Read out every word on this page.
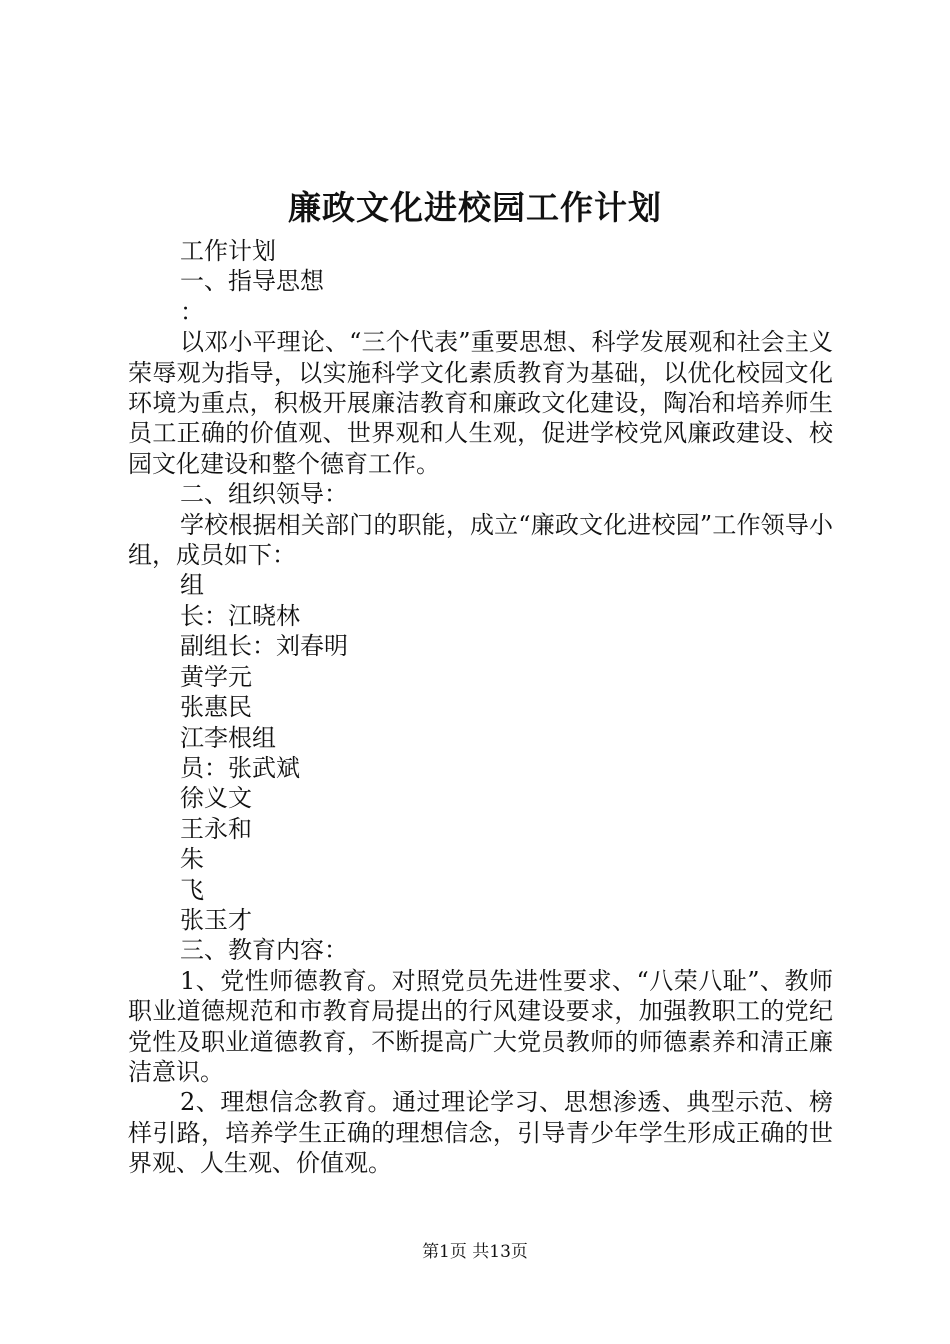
廉政文化进校园工作计划

工作计划

一、指导思想

：

以邓小平理论、“三个代表”重要思想、科学发展观和社会主义荣辱观为指导，以实施科学文化素质教育为基础，以优化校园文化环境为重点，积极开展廉洁教育和廉政文化建设，陶冶和培养师生员工正确的价值观、世界观和人生观，促进学校党风廉政建设、校园文化建设和整个德育工作。

二、组织领导：

学校根据相关部门的职能，成立“廉政文化进校园”工作领导小组，成员如下：

组

长：江晓林

副组长：刘春明

黄学元

张惠民

江李根组

员：张武斌

徐义文

王永和

朱

飞

张玉才

三、教育内容：

1、党性师德教育。对照党员先进性要求、“八荣八耻”、教师职业道德规范和市教育局提出的行风建设要求，加强教职工的党纪党性及职业道德教育，不断提高广大党员教师的师德素养和清正廉洁意识。

2、理想信念教育。通过理论学习、思想渗透、典型示范、榜样引路，培养学生正确的理想信念，引导青少年学生形成正确的世界观、人生观、价值观。

第1页 共13页
